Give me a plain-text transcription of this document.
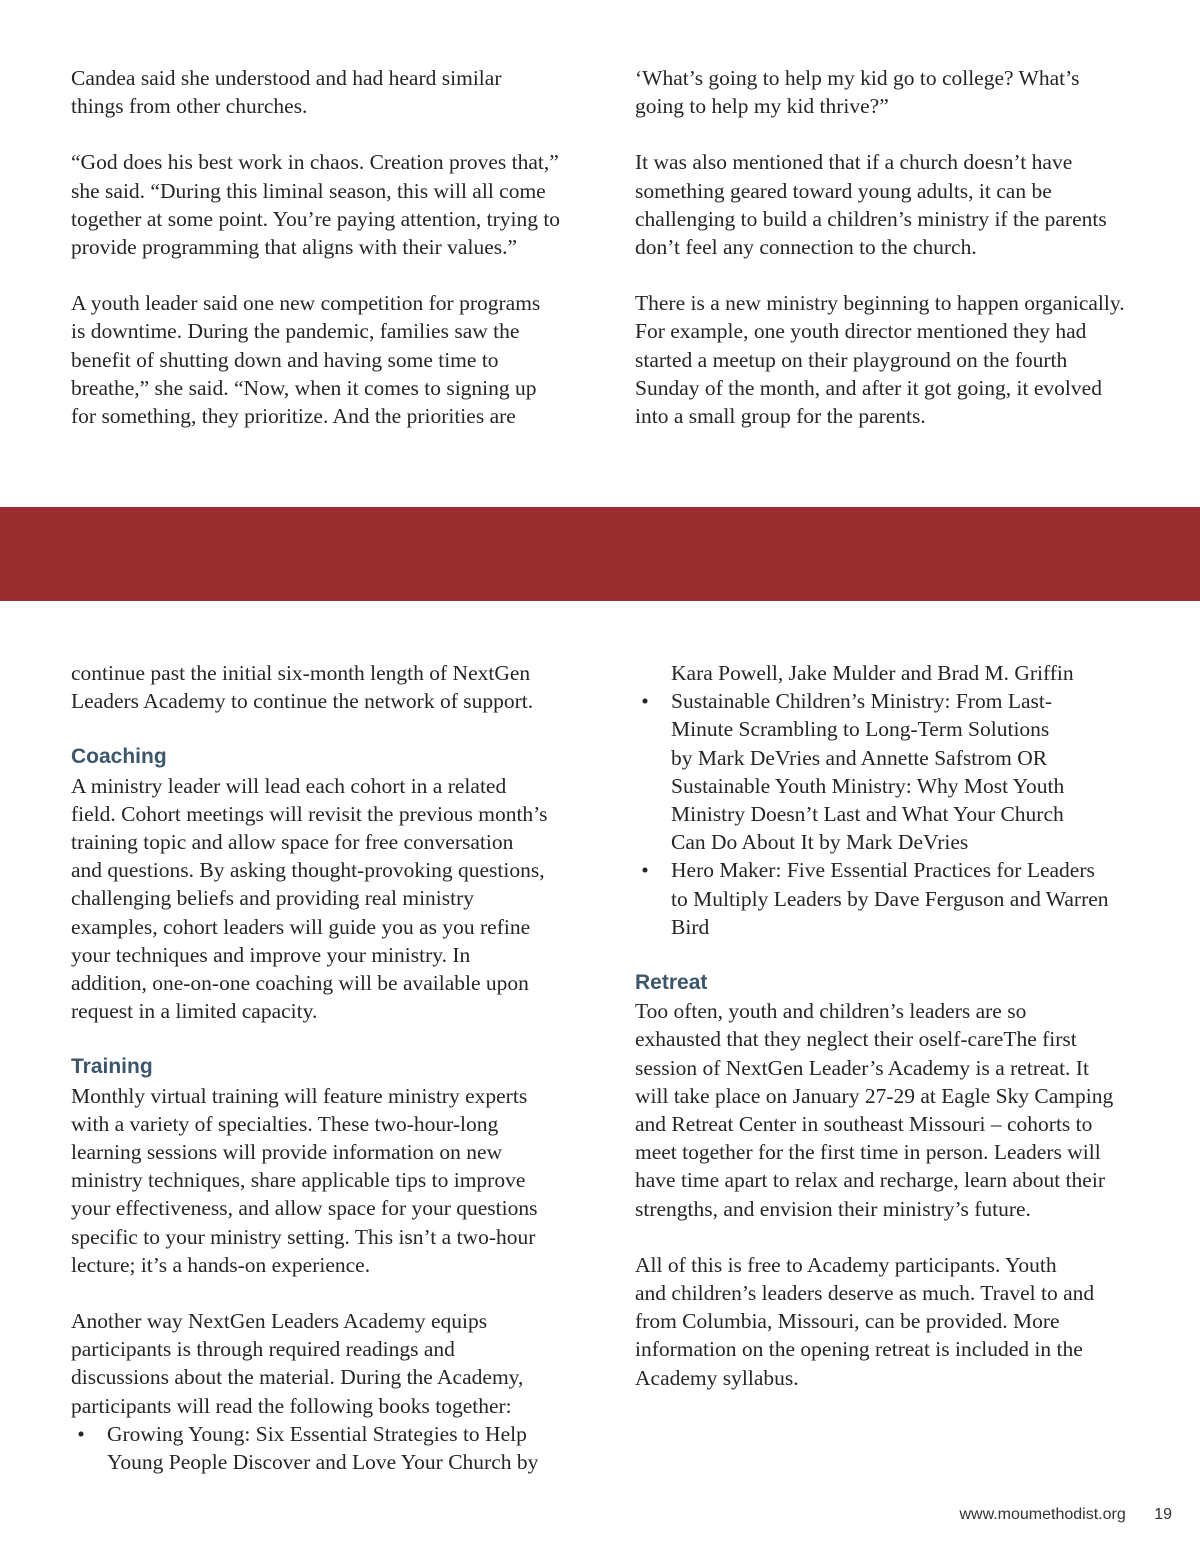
Candea said she understood and had heard similar
things from other churches.

“God does his best work in chaos. Creation proves that,”
she said. “During this liminal season, this will all come
together at some point. You’re paying attention, trying to
provide programming that aligns with their values.”

A youth leader said one new competition for programs
is downtime. During the pandemic, families saw the
benefit of shutting down and having some time to
breathe,” she said. “Now, when it comes to signing up
for something, they prioritize. And the priorities are

‘What’s going to help my kid go to college? What’s
going to help my kid thrive?”

It was also mentioned that if a church doesn’t have
something geared toward young adults, it can be
challenging to build a children’s ministry if the parents
don’t feel any connection to the church.

There is a new ministry beginning to happen organically.
For example, one youth director mentioned they had
started a meetup on their playground on the fourth
Sunday of the month, and after it got going, it evolved
into a small group for the parents.

continue past the initial six-month length of NextGen
Leaders Academy to continue the network of support.

Coaching

A ministry leader will lead each cohort in a related
field. Cohort meetings will revisit the previous month’s
training topic and allow space for free conversation
and questions. By asking thought-provoking questions,
challenging beliefs and providing real ministry
examples, cohort leaders will guide you as you refine
your techniques and improve your ministry. In
addition, one-on-one coaching will be available upon
request in a limited capacity.

Training

Monthly virtual training will feature ministry experts
with a variety of specialties. These two-hour-long
learning sessions will provide information on new
ministry techniques, share applicable tips to improve
your effectiveness, and allow space for your questions
specific to your ministry setting. This isn’t a two-hour
lecture; it’s a hands-on experience.

Another way NextGen Leaders Academy equips
participants is through required readings and
discussions about the material. During the Academy,
participants will read the following books together:

• Growing Young: Six Essential Strategies to Help
Young People Discover and Love Your Church by
Kara Powell, Jake Mulder and Brad M. Griffin
• Sustainable Children’s Ministry: From Last-
Minute Scrambling to Long-Term Solutions
by Mark DeVries and Annette Safstrom OR
Sustainable Youth Ministry: Why Most Youth
Ministry Doesn’t Last and What Your Church
Can Do About It by Mark DeVries
• Hero Maker: Five Essential Practices for Leaders
to Multiply Leaders by Dave Ferguson and Warren
Bird
Retreat

Too often, youth and children’s leaders are so
exhausted that they neglect their oself-careThe first
session of NextGen Leader’s Academy is a retreat. It
will take place on January 27-29 at Eagle Sky Camping
and Retreat Center in southeast Missouri – cohorts to
meet together for the first time in person. Leaders will
have time apart to relax and recharge, learn about their
strengths, and envision their ministry’s future.

All of this is free to Academy participants. Youth
and children’s leaders deserve as much. Travel to and
from Columbia, Missouri, can be provided. More
information on the opening retreat is included in the
Academy syllabus.

www.moumethodist.org 19
